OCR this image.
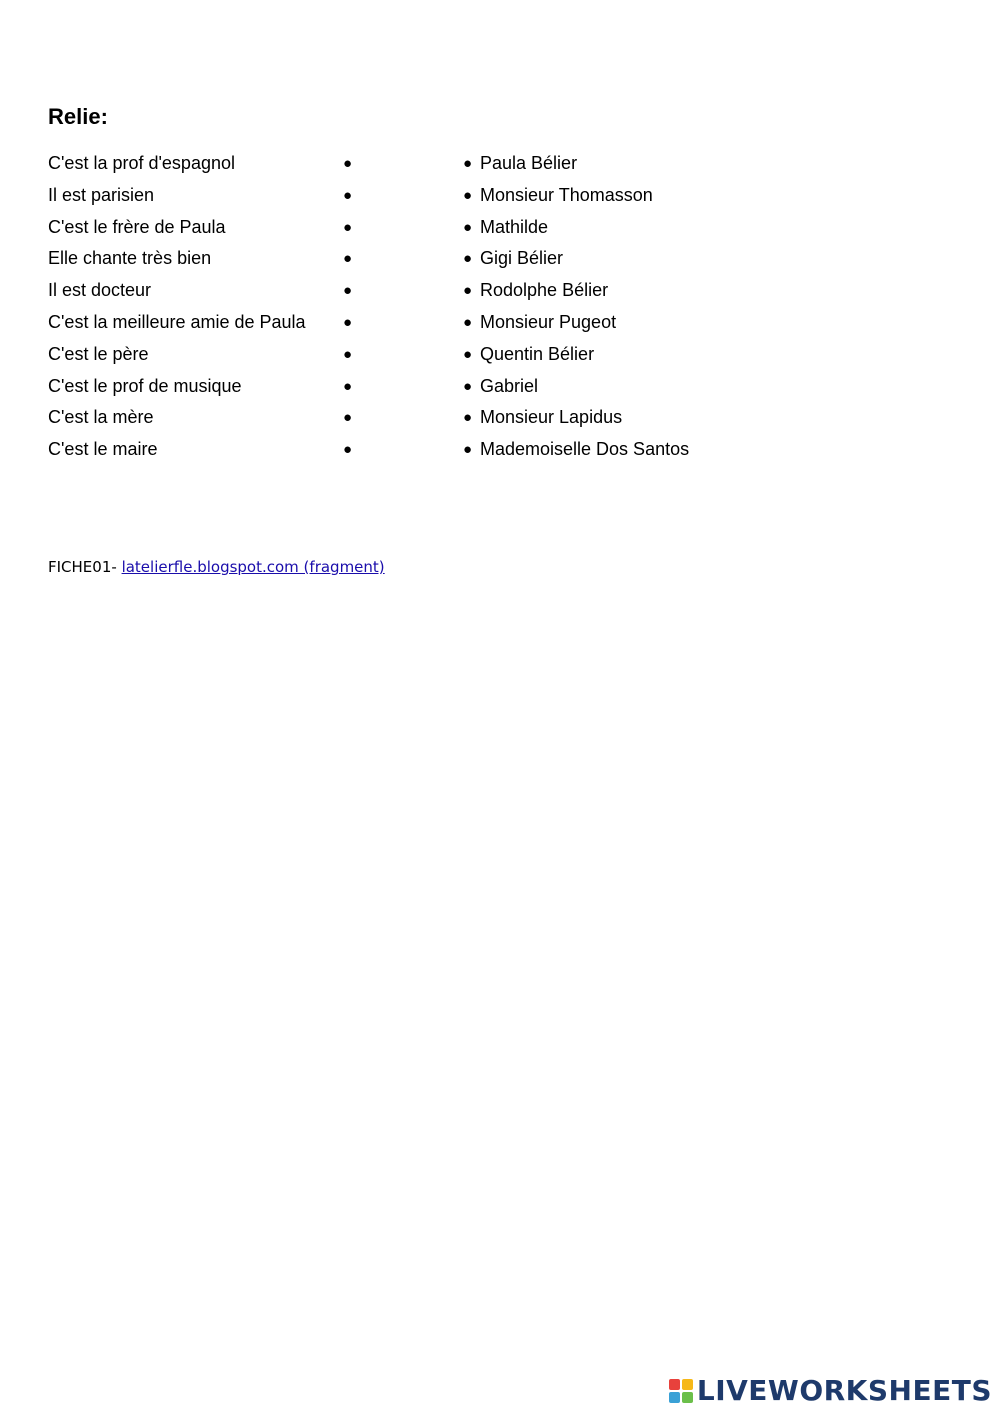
Relie:
C'est la prof d'espagnol	●	● Paula Bélier
Il est parisien	●	● Monsieur Thomasson
C'est le frère de Paula	●	● Mathilde
Elle chante très bien	●	● Gigi Bélier
Il est docteur	●	● Rodolphe Bélier
C'est la meilleure amie de Paula ●	● Monsieur Pugeot
C'est le père	●	● Quentin Bélier
C'est le prof de musique	●	● Gabriel
C'est la mère	●	● Monsieur Lapidus
C'est le maire	●	● Mademoiselle Dos Santos
FICHE01- latelierfle.blogspot.com (fragment)
LIVEWORKSHEETS
